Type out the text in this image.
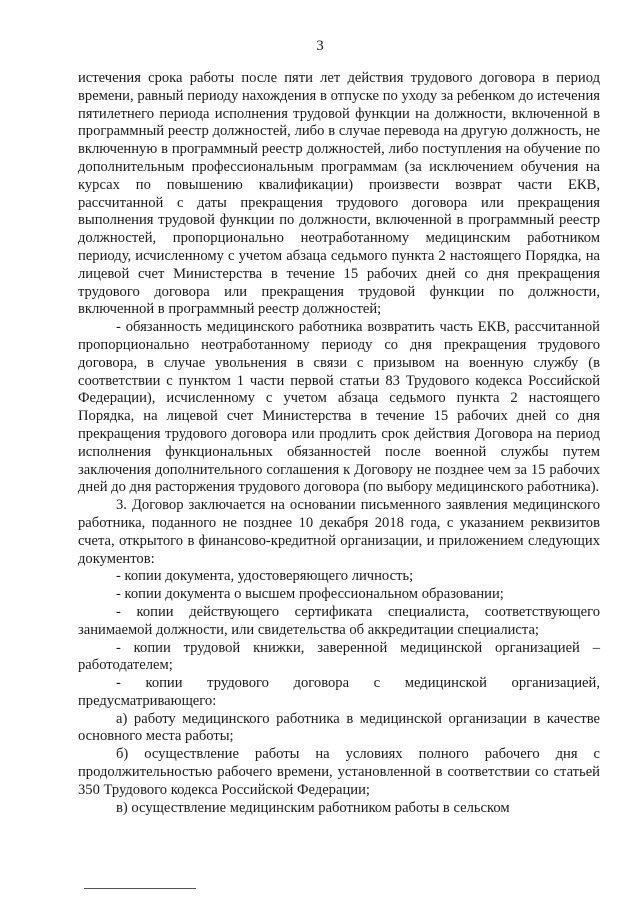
3

истечения срока работы после пяти лет действия трудового договора в период времени, равный периоду нахождения в отпуске по уходу за ребенком до истечения пятилетнего периода исполнения трудовой функции на должности, включенной в программный реестр должностей, либо в случае перевода на другую должность, не включенную в программный реестр должностей, либо поступления на обучение по дополнительным профессиональным программам (за исключением обучения на курсах по повышению квалификации) произвести возврат части ЕКВ, рассчитанной с даты прекращения трудового договора или прекращения выполнения трудовой функции по должности, включенной в программный реестр должностей, пропорционально неотработанному медицинским работником периоду, исчисленному с учетом абзаца седьмого пункта 2 настоящего Порядка, на лицевой счет Министерства в течение 15 рабочих дней со дня прекращения трудового договора или прекращения трудовой функции по должности, включенной в программный реестр должностей;

- обязанность медицинского работника возвратить часть ЕКВ, рассчитанной пропорционально неотработанному периоду со дня прекращения трудового договора, в случае увольнения в связи с призывом на военную службу (в соответствии с пунктом 1 части первой статьи 83 Трудового кодекса Российской Федерации), исчисленному с учетом абзаца седьмого пункта 2 настоящего Порядка, на лицевой счет Министерства в течение 15 рабочих дней со дня прекращения трудового договора или продлить срок действия Договора на период исполнения функциональных обязанностей после военной службы путем заключения дополнительного соглашения к Договору не позднее чем за 15 рабочих дней до дня расторжения трудового договора (по выбору медицинского работника).

3. Договор заключается на основании письменного заявления медицинского работника, поданного не позднее 10 декабря 2018 года, с указанием реквизитов счета, открытого в финансово-кредитной организации, и приложением следующих документов:

- копии документа, удостоверяющего личность;

- копии документа о высшем профессиональном образовании;

- копии действующего сертификата специалиста, соответствующего занимаемой должности, или свидетельства об аккредитации специалиста;

- копии трудовой книжки, заверенной медицинской организацией – работодателем;

- копии трудового договора с медицинской организацией, предусматривающего:

а) работу медицинского работника в медицинской организации в качестве основного места работы;

б) осуществление работы на условиях полного рабочего дня с продолжительностью рабочего времени, установленной в соответствии со статьей 350 Трудового кодекса Российской Федерации;

в) осуществление медицинским работником работы в сельском
